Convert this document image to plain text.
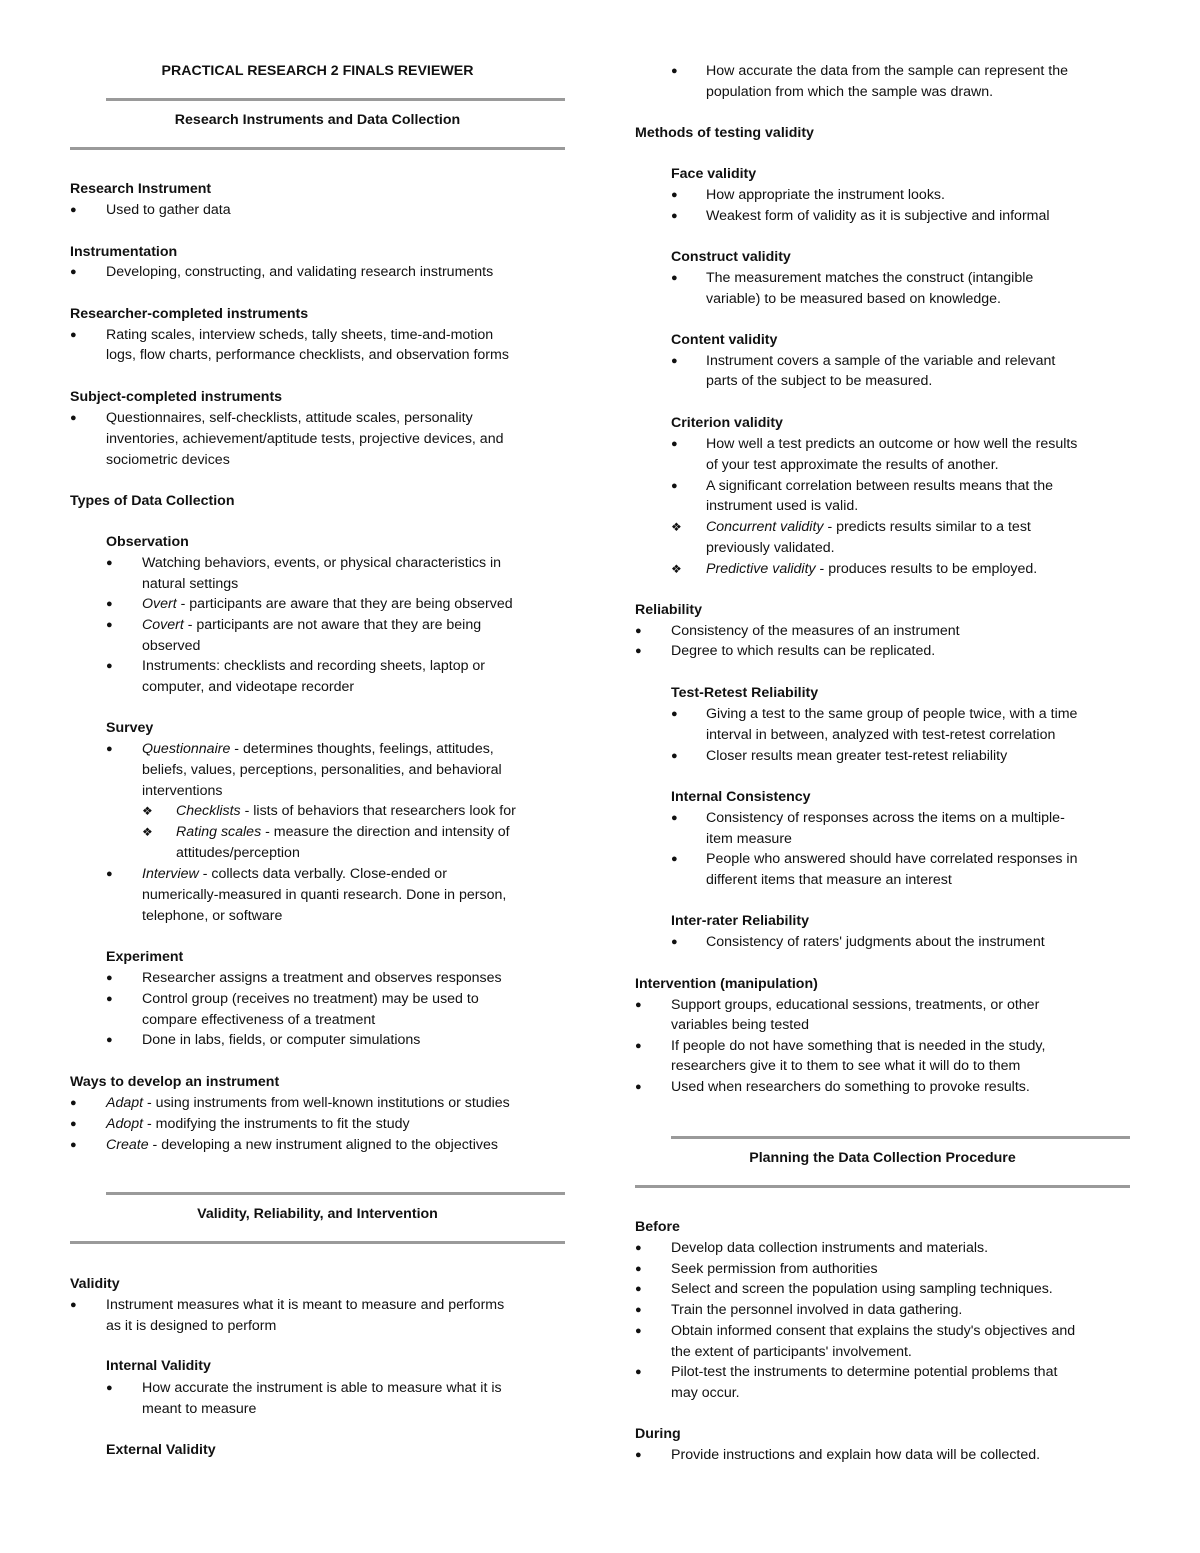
PRACTICAL RESEARCH 2 FINALS REVIEWER
Research Instruments and Data Collection
Research Instrument
● Used to gather data
Instrumentation
● Developing, constructing, and validating research instruments
Researcher-completed instruments
● Rating scales, interview scheds, tally sheets, time-and-motion
logs, flow charts, performance checklists, and observation forms
Subject-completed instruments
● Questionnaires, self-checklists, attitude scales, personality
inventories, achievement/aptitude tests, projective devices, and
sociometric devices
Types of Data Collection
Observation
● Watching behaviors, events, or physical characteristics in
natural settings
● Overt - participants are aware that they are being observed
● Covert - participants are not aware that they are being
observed
● Instruments: checklists and recording sheets, laptop or
computer, and videotape recorder
Survey
● Questionnaire - determines thoughts, feelings, attitudes,
beliefs, values, perceptions, personalities, and behavioral
interventions
❖ Checklists - lists of behaviors that researchers look for
❖ Rating scales - measure the direction and intensity of
attitudes/perception
● Interview - collects data verbally. Close-ended or
numerically-measured in quanti research. Done in person,
telephone, or software
Experiment
● Researcher assigns a treatment and observes responses
● Control group (receives no treatment) may be used to
compare effectiveness of a treatment
● Done in labs, fields, or computer simulations
Ways to develop an instrument
● Adapt - using instruments from well-known institutions or studies
● Adopt - modifying the instruments to fit the study
● Create - developing a new instrument aligned to the objectives
Validity, Reliability, and Intervention
Validity
● Instrument measures what it is meant to measure and performs
as it is designed to perform
Internal Validity
● How accurate the instrument is able to measure what it is
meant to measure
External Validity
● How accurate the data from the sample can represent the
population from which the sample was drawn.
Methods of testing validity
Face validity
● How appropriate the instrument looks.
● Weakest form of validity as it is subjective and informal
Construct validity
● The measurement matches the construct (intangible
variable) to be measured based on knowledge.
Content validity
● Instrument covers a sample of the variable and relevant
parts of the subject to be measured.
Criterion validity
● How well a test predicts an outcome or how well the results
of your test approximate the results of another.
● A significant correlation between results means that the
instrument used is valid.
❖ Concurrent validity - predicts results similar to a test
previously validated.
❖ Predictive validity - produces results to be employed.
Reliability
● Consistency of the measures of an instrument
● Degree to which results can be replicated.
Test-Retest Reliability
● Giving a test to the same group of people twice, with a time
interval in between, analyzed with test-retest correlation
● Closer results mean greater test-retest reliability
Internal Consistency
● Consistency of responses across the items on a multiple-
item measure
● People who answered should have correlated responses in
different items that measure an interest
Inter-rater Reliability
● Consistency of raters' judgments about the instrument
Intervention (manipulation)
● Support groups, educational sessions, treatments, or other
variables being tested
● If people do not have something that is needed in the study,
researchers give it to them to see what it will do to them
● Used when researchers do something to provoke results.
Planning the Data Collection Procedure
Before
● Develop data collection instruments and materials.
● Seek permission from authorities
● Select and screen the population using sampling techniques.
● Train the personnel involved in data gathering.
● Obtain informed consent that explains the study's objectives and
the extent of participants' involvement.
● Pilot-test the instruments to determine potential problems that
may occur.
During
● Provide instructions and explain how data will be collected.
